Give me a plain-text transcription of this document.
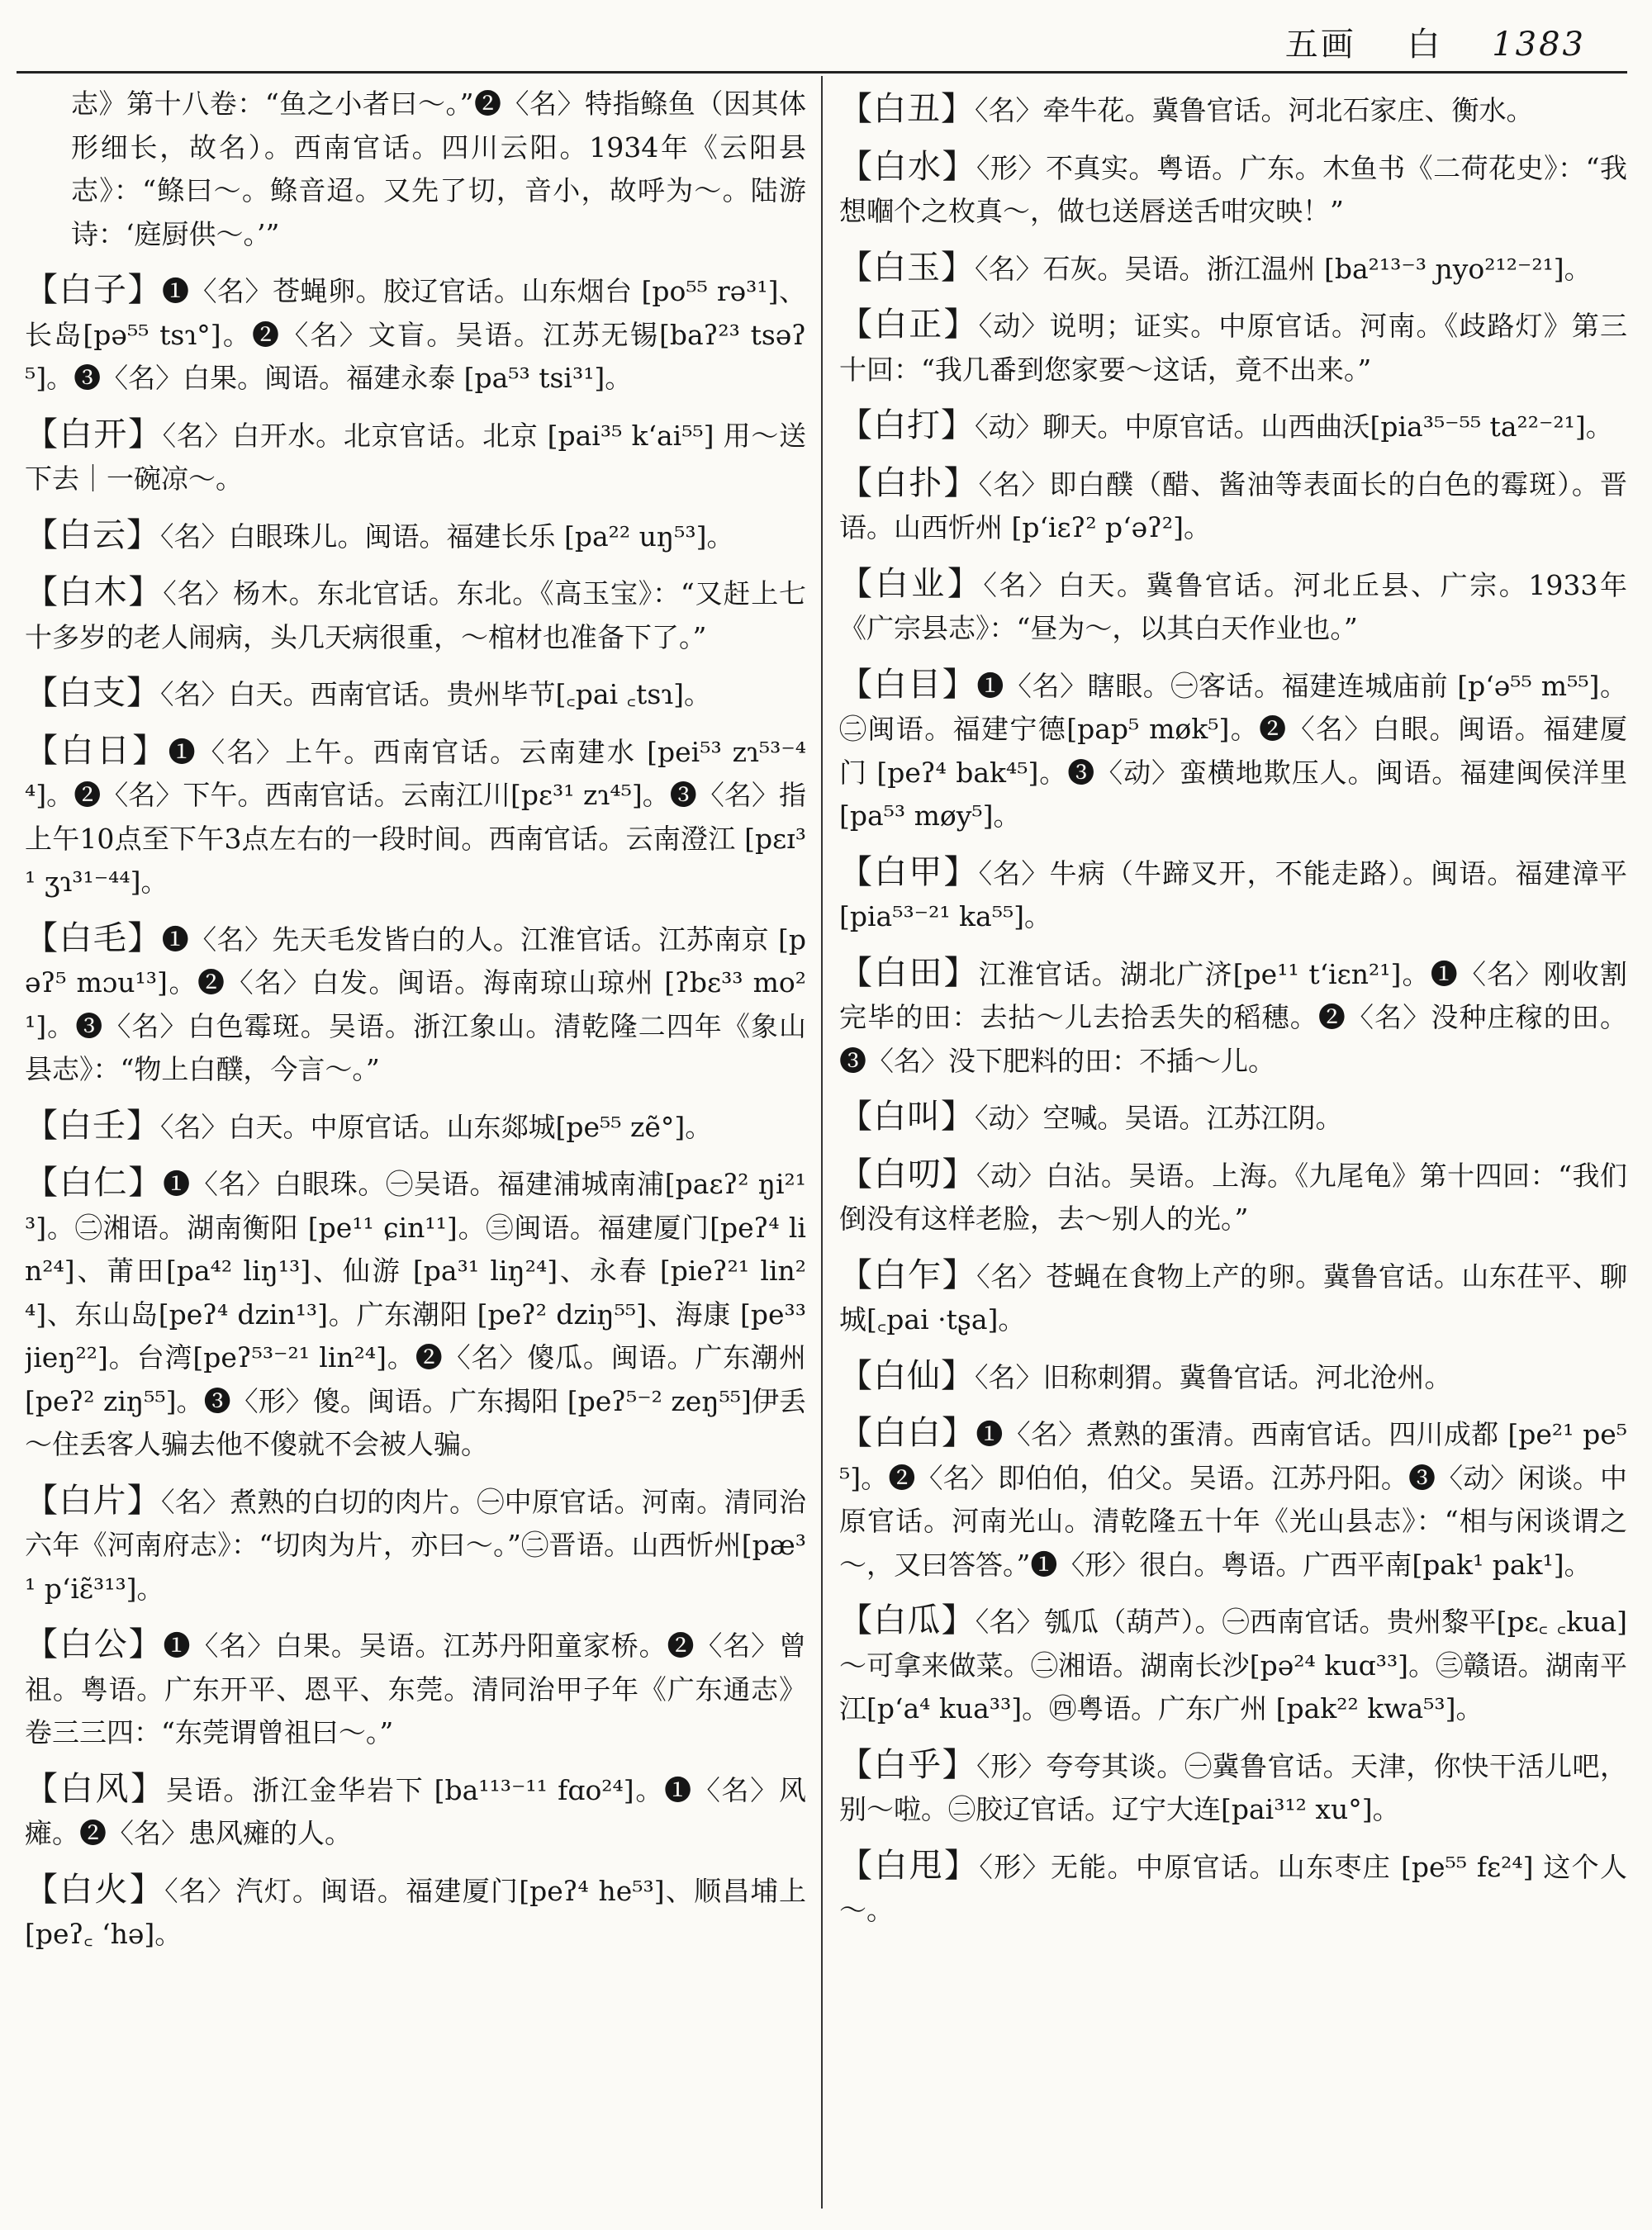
五画 白 1383

志》第十八卷：“鱼之小者曰～。”❷〈名〉特指鲦鱼（因其体形细长，故名）。西南官话。四川云阳。1934年《云阳县志》：“鲦曰～。鲦音迢。又先了切，音小，故呼为～。陆游诗：‘庭厨供～。’”

【白子】❶〈名〉苍蝇卵。胶辽官话。山东烟台 [po⁵⁵ rə³¹]、长岛[pə⁵⁵ tsɿ°]。❷〈名〉文盲。吴语。江苏无锡[baʔ²³ tsəʔ⁵]。❸〈名〉白果。闽语。福建永泰 [pa⁵³ tsi³¹]。

【白开】〈名〉白开水。北京官话。北京 [pai³⁵ k‘ai⁵⁵] 用～送下去｜一碗凉～。

【白云】〈名〉白眼珠儿。闽语。福建长乐 [pa²² uŋ⁵³]。

【白木】〈名〉杨木。东北官话。东北。《高玉宝》：“又赶上七十多岁的老人闹病，头几天病很重，～棺材也准备下了。”

【白支】〈名〉白天。西南官话。贵州毕节[꜀pai ꜀tsɿ]。

【白日】❶〈名〉上午。西南官话。云南建水 [pei⁵³ zɿ⁵³⁻⁴⁴]。❷〈名〉下午。西南官话。云南江川[pɛ³¹ zɿ⁴⁵]。❸〈名〉指上午10点至下午3点左右的一段时间。西南官话。云南澄江 [pɛɪ³¹ ʒɿ³¹⁻⁴⁴]。

【白毛】❶〈名〉先天毛发皆白的人。江淮官话。江苏南京 [pəʔ⁵ mɔu¹³]。❷〈名〉白发。闽语。海南琼山琼州 [ʔbɛ³³ mo²¹]。❸〈名〉白色霉斑。吴语。浙江象山。清乾隆二四年《象山县志》：“物上白醭，今言～。”

【白壬】〈名〉白天。中原官话。山东郯城[pe⁵⁵ zẽ°]。

【白仁】❶〈名〉白眼珠。㊀吴语。福建浦城南浦[paɛʔ² ŋi²¹³]。㊁湘语。湖南衡阳 [pe¹¹ ɕin¹¹]。㊂闽语。福建厦门[peʔ⁴ lin²⁴]、莆田[pa⁴² liŋ¹³]、仙游 [pa³¹ liŋ²⁴]、永春 [pieʔ²¹ lin²⁴]、东山岛[peʔ⁴ dzin¹³]。广东潮阳 [peʔ² dziŋ⁵⁵]、海康 [pe³³ jieŋ²²]。台湾[peʔ⁵³⁻²¹ lin²⁴]。❷〈名〉傻瓜。闽语。广东潮州 [peʔ² ziŋ⁵⁵]。❸〈形〉傻。闽语。广东揭阳 [peʔ⁵⁻² zeŋ⁵⁵]伊丢～住丢客人骗去他不傻就不会被人骗。

【白片】〈名〉煮熟的白切的肉片。㊀中原官话。河南。清同治六年《河南府志》：“切肉为片，亦曰～。”㊁晋语。山西忻州[pæ³¹ p‘iɛ̃³¹³]。

【白公】❶〈名〉白果。吴语。江苏丹阳童家桥。❷〈名〉曾祖。粤语。广东开平、恩平、东莞。清同治甲子年《广东通志》卷三三四：“东莞谓曾祖曰～。”

【白风】吴语。浙江金华岩下 [ba¹¹³⁻¹¹ fɑo²⁴]。❶〈名〉风瘫。❷〈名〉患风瘫的人。

【白火】〈名〉汽灯。闽语。福建厦门[peʔ⁴ he⁵³]、顺昌埔上[peʔ꜀ ‘hə]。

【白丑】〈名〉牵牛花。冀鲁官话。河北石家庄、衡水。

【白水】〈形〉不真实。粤语。广东。木鱼书《二荷花史》：“我想嗰个之枚真～，做乜送唇送舌咁灾映！”

【白玉】〈名〉石灰。吴语。浙江温州 [ba²¹³⁻³ ɲyo²¹²⁻²¹]。

【白正】〈动〉说明；证实。中原官话。河南。《歧路灯》第三十回：“我几番到您家要～这话，竟不出来。”

【白打】〈动〉聊天。中原官话。山西曲沃[pia³⁵⁻⁵⁵ ta²²⁻²¹]。

【白扑】〈名〉即白醭（醋、酱油等表面长的白色的霉斑）。晋语。山西忻州 [p‘iɛʔ² p‘əʔ²]。

【白业】〈名〉白天。冀鲁官话。河北丘县、广宗。1933年《广宗县志》：“昼为～，以其白天作业也。”

【白目】❶〈名〉瞎眼。㊀客话。福建连城庙前 [p‘ə⁵⁵ m⁵⁵]。㊁闽语。福建宁德[pap⁵ møk⁵]。❷〈名〉白眼。闽语。福建厦门 [peʔ⁴ bak⁴⁵]。❸〈动〉蛮横地欺压人。闽语。福建闽侯洋里[pa⁵³ møy⁵]。

【白甲】〈名〉牛病（牛蹄叉开，不能走路）。闽语。福建漳平[pia⁵³⁻²¹ ka⁵⁵]。

【白田】江淮官话。湖北广济[pe¹¹ t‘iɛn²¹]。❶〈名〉刚收割完毕的田：去拈～儿去拾丢失的稻穗。❷〈名〉没种庄稼的田。❸〈名〉没下肥料的田：不插～儿。

【白叫】〈动〉空喊。吴语。江苏江阴。

【白叨】〈动〉白沾。吴语。上海。《九尾龟》第十四回：“我们倒没有这样老脸，去～别人的光。”

【白乍】〈名〉苍蝇在食物上产的卵。冀鲁官话。山东茌平、聊城[꜀pai ·tʂa]。

【白仙】〈名〉旧称刺猬。冀鲁官话。河北沧州。

【白白】❶〈名〉煮熟的蛋清。西南官话。四川成都 [pe²¹ pe⁵⁵]。❷〈名〉即伯伯，伯父。吴语。江苏丹阳。❸〈动〉闲谈。中原官话。河南光山。清乾隆五十年《光山县志》：“相与闲谈谓之～，又曰答答。”❶〈形〉很白。粤语。广西平南[pak¹ pak¹]。

【白瓜】〈名〉瓠瓜（葫芦）。㊀西南官话。贵州黎平[pɛ꜀ ꜀kua]～可拿来做菜。㊁湘语。湖南长沙[pə²⁴ kuɑ³³]。㊂赣语。湖南平江[p‘a⁴ kua³³]。㊃粤语。广东广州 [pak²² kwa⁵³]。

【白乎】〈形〉夸夸其谈。㊀冀鲁官话。天津，你快干活儿吧，别～啦。㊁胶辽官话。辽宁大连[pai³¹² xu°]。

【白甩】〈形〉无能。中原官话。山东枣庄 [pe⁵⁵ fɛ²⁴] 这个人～。
